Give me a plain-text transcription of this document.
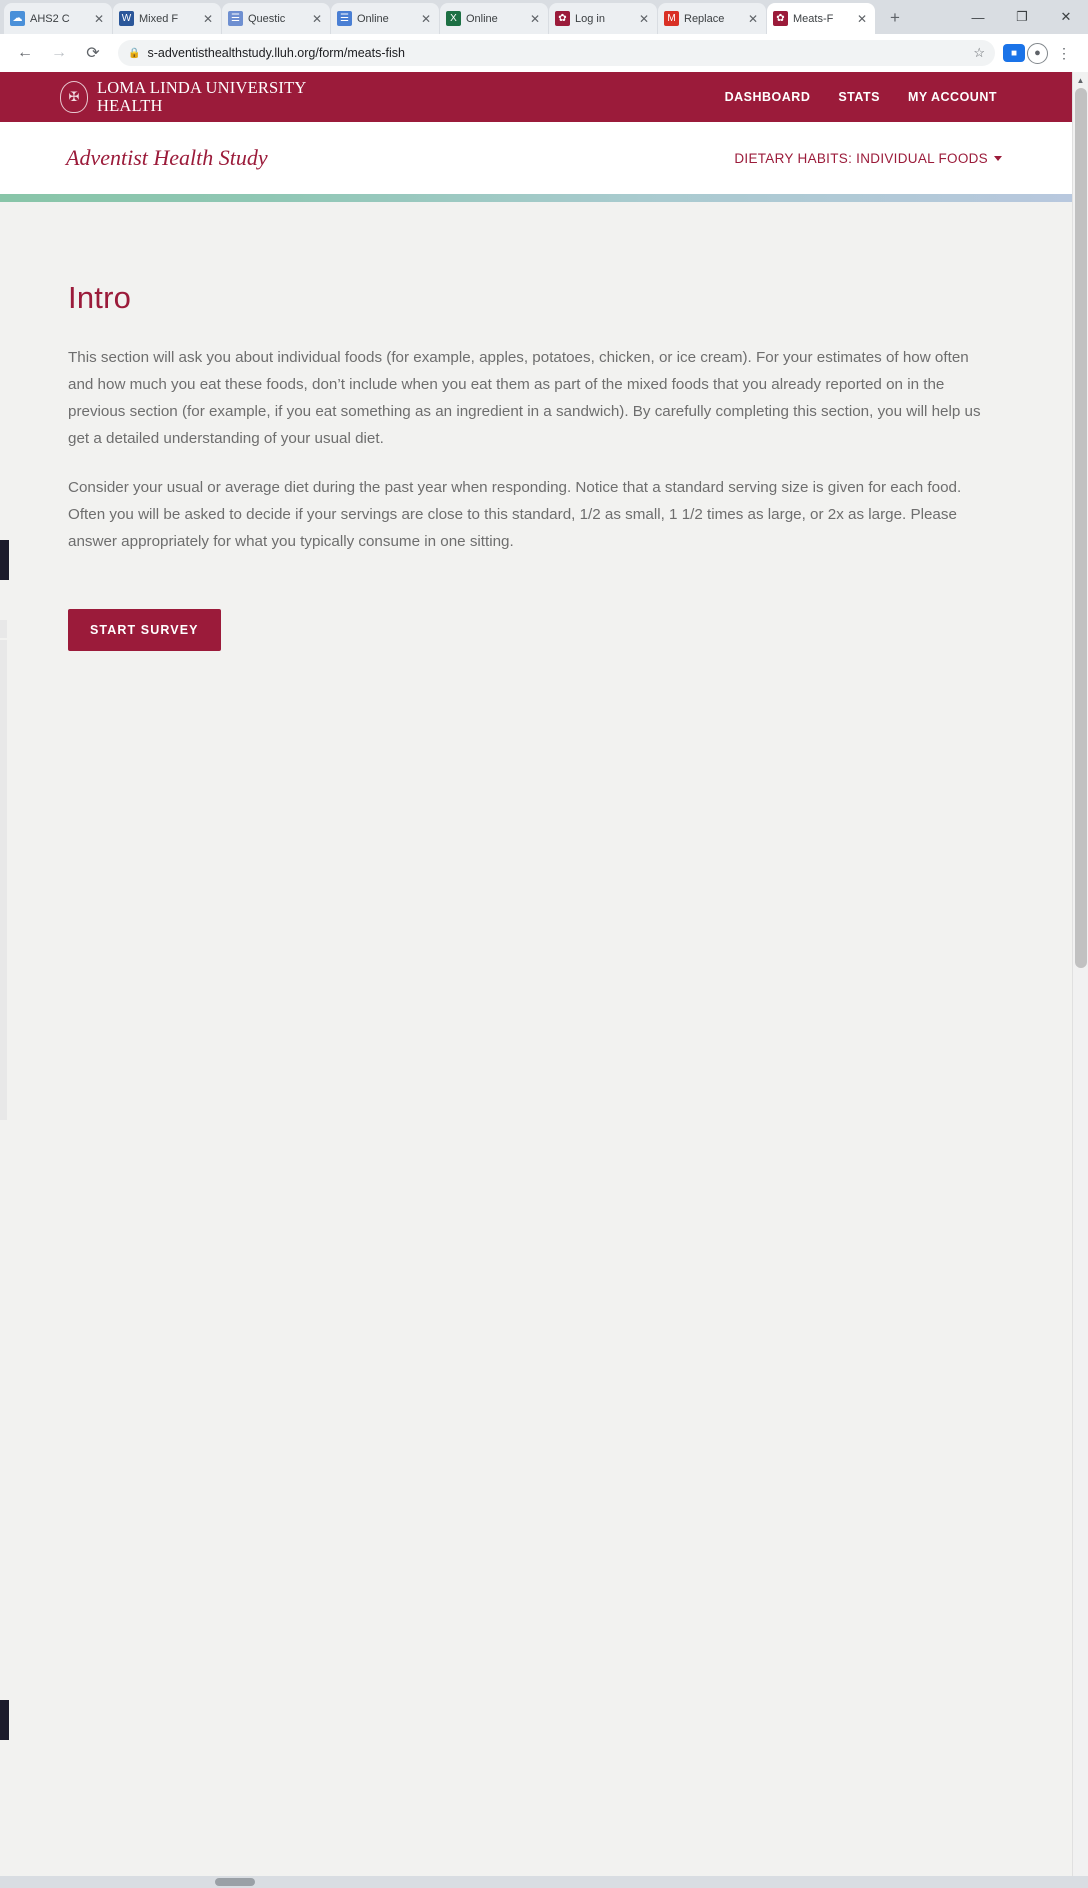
☁ AHS2 C	✕ W Mixed F	✕	☰ Questic	✕	☰ Online	✕	X Online	✕	✿ Log in	✕	M Replace	✕	✿ Meats-F	✕	+	—	❐	✕
←	→	⟳	🔒 s-adventisthealthstudy.lluh.org/form/meats-fish	☆	■	●	⋮
✠	LOMA LINDA UNIVERSITY
HEALTH	DASHBOARD STATS MY ACCOUNT
Adventist Health Study	DIETARY HABITS: INDIVIDUAL FOODS
Intro

This section will ask you about individual foods (for example, apples, potatoes, chicken, or ice cream). For your estimates of how often and how much you eat these foods, don’t include when you eat them as part of the mixed foods that you already reported on in the previous section (for example, if you eat something as an ingredient in a sandwich). By carefully completing this section, you will help us get a detailed understanding of your usual diet.

Consider your usual or average diet during the past year when responding. Notice that a standard serving size is given for each food. Often you will be asked to decide if your servings are close to this standard, 1/2 as small, 1 1/2 times as large, or 2x as large. Please answer appropriately for what you typically consume in one sitting.

START SURVEY
▲
